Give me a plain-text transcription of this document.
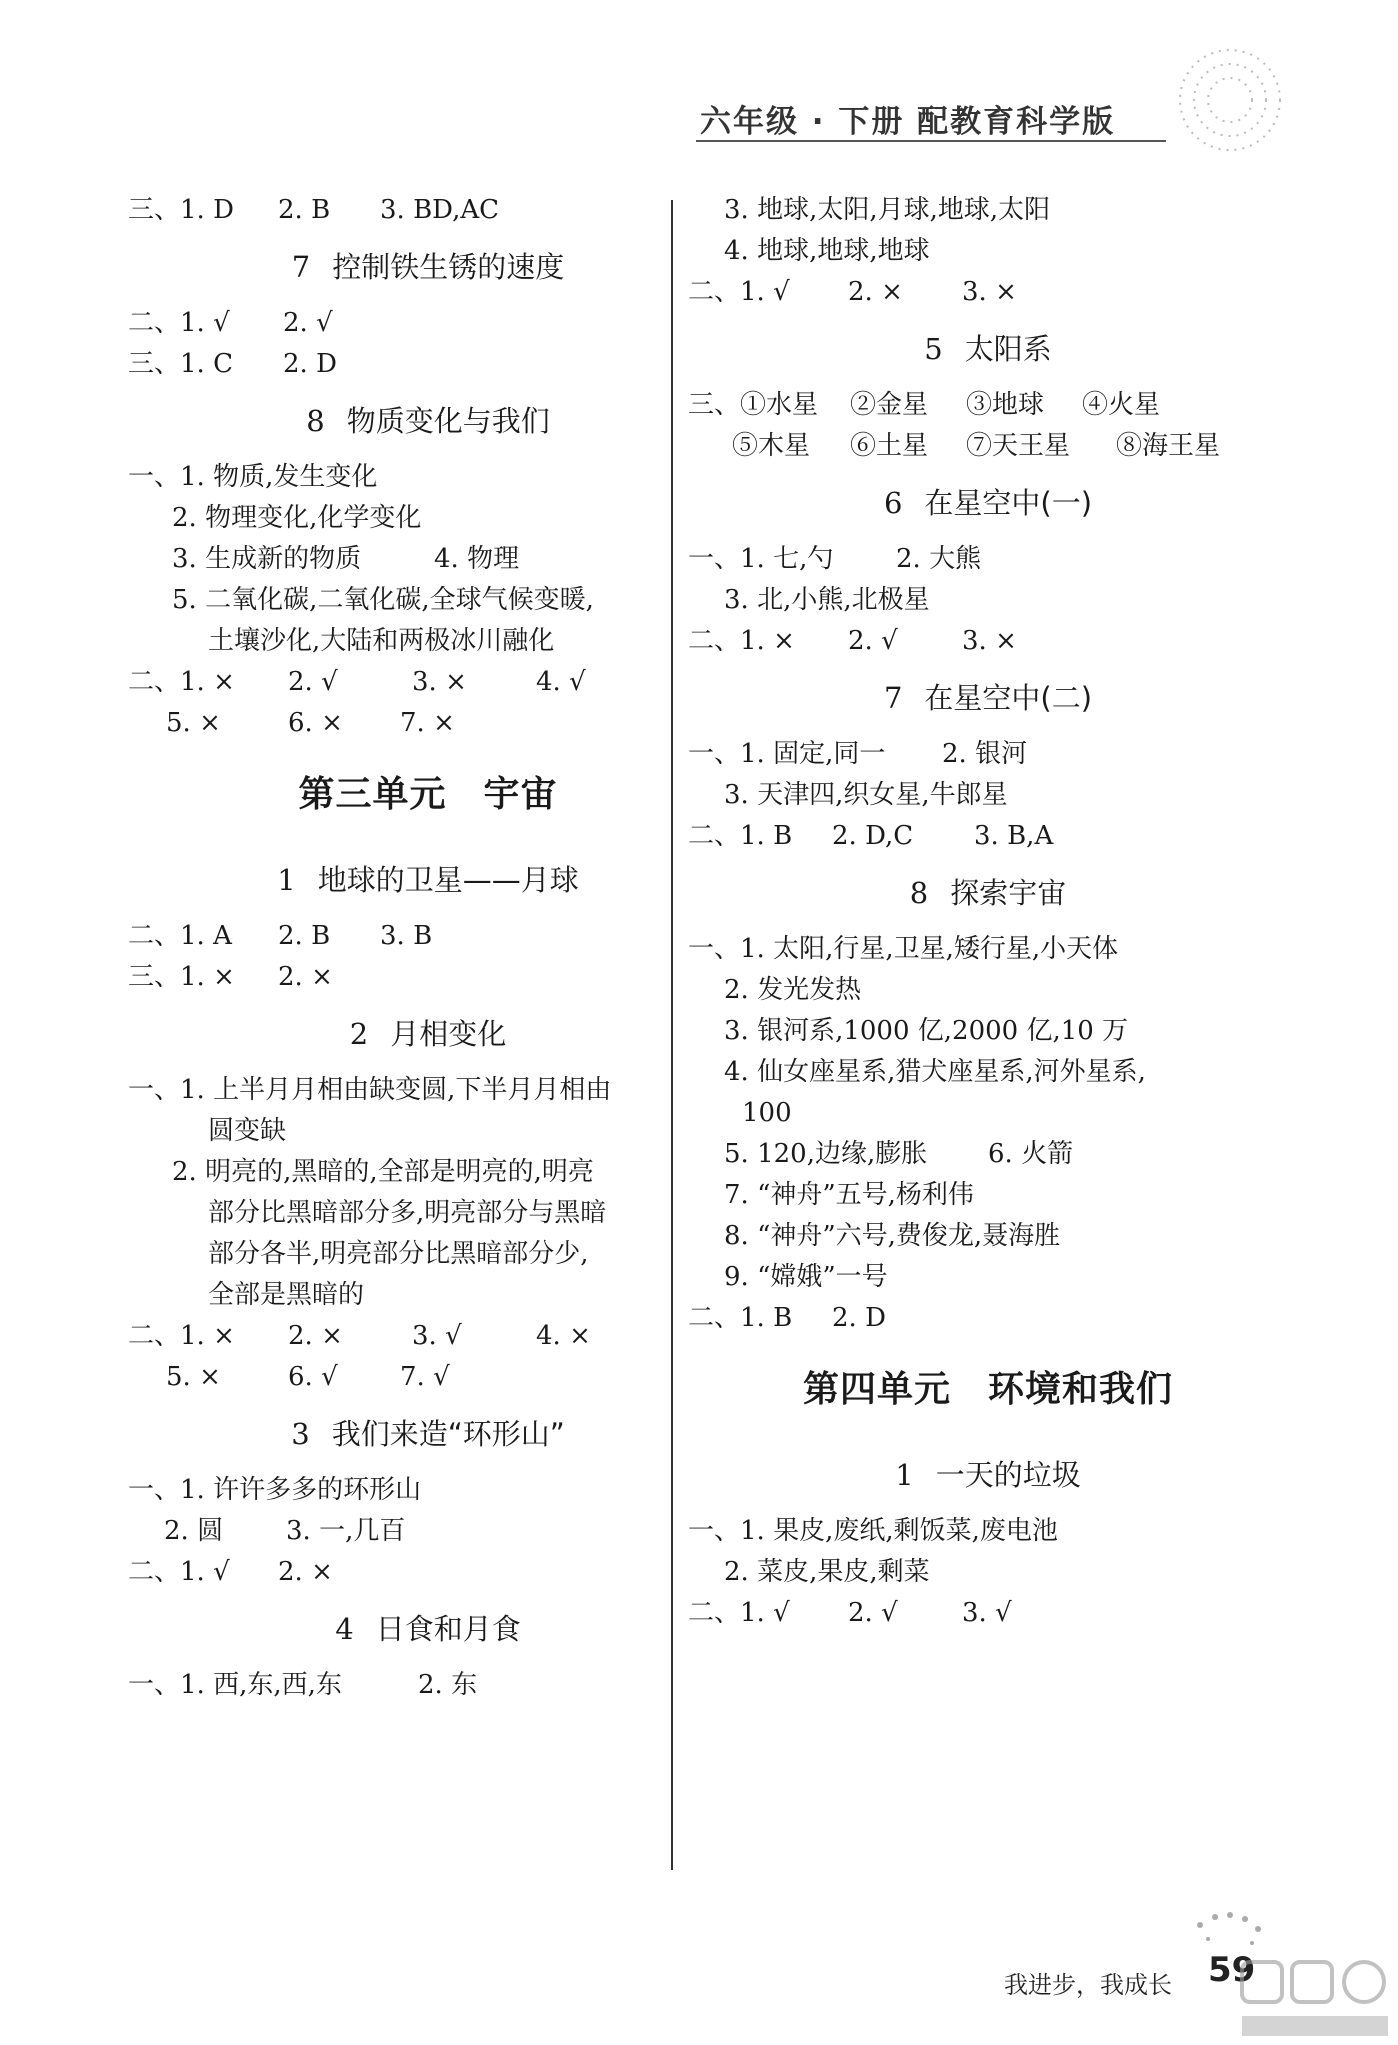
六年级 · 下册 配教育科学版
三、1. D 2. B 3. BD,AC
7 控制铁生锈的速度
二、1. √ 2. √
三、1. C 2. D
8 物质变化与我们
一、1. 物质,发生变化
2. 物理变化,化学变化
3. 生成新的物质	4. 物理
5. 二氧化碳,二氧化碳,全球气候变暖,
土壤沙化,大陆和两极冰川融化
二、1. × 2. √	3. ×	4. √
5. ×	6. × 7. ×
第三单元　宇宙
1 地球的卫星——月球
二、1. A 2. B 3. B
三、1. × 2. ×
2 月相变化
一、1. 上半月月相由缺变圆,下半月月相由
圆变缺
2. 明亮的,黑暗的,全部是明亮的,明亮
部分比黑暗部分多,明亮部分与黑暗
部分各半,明亮部分比黑暗部分少,
全部是黑暗的
二、1. × 2. ×	3. √	4. ×
5. ×	6. √ 7. √
3 我们来造“环形山”
一、1. 许许多多的环形山
2. 圆 3. 一,几百
二、1. √ 2. ×
4 日食和月食
一、1. 西,东,西,东	2. 东
3. 地球,太阳,月球,地球,太阳
4. 地球,地球,地球
二、1. √ 2. × 3. ×
5 太阳系
三、①水星 ②金星 ③地球 ④火星
⑤木星 ⑥土星 ⑦天王星 ⑧海王星
6 在星空中(一)
一、1. 七,勺 2. 大熊
3. 北,小熊,北极星
二、1. × 2. √ 3. ×
7 在星空中(二)
一、1. 固定,同一 2. 银河
3. 天津四,织女星,牛郎星
二、1. B 2. D,C 3. B,A
8 探索宇宙
一、1. 太阳,行星,卫星,矮行星,小天体
2. 发光发热
3. 银河系,1000 亿,2000 亿,10 万
4. 仙女座星系,猎犬座星系,河外星系,
100
5. 120,边缘,膨胀 6. 火箭
7. “神舟”五号,杨利伟
8. “神舟”六号,费俊龙,聂海胜
9. “嫦娥”一号
二、1. B 2. D
第四单元　环境和我们
1 一天的垃圾
一、1. 果皮,废纸,剩饭菜,废电池
2. 菜皮,果皮,剩菜
二、1. √ 2. √ 3. √
我进步，我成长 59
